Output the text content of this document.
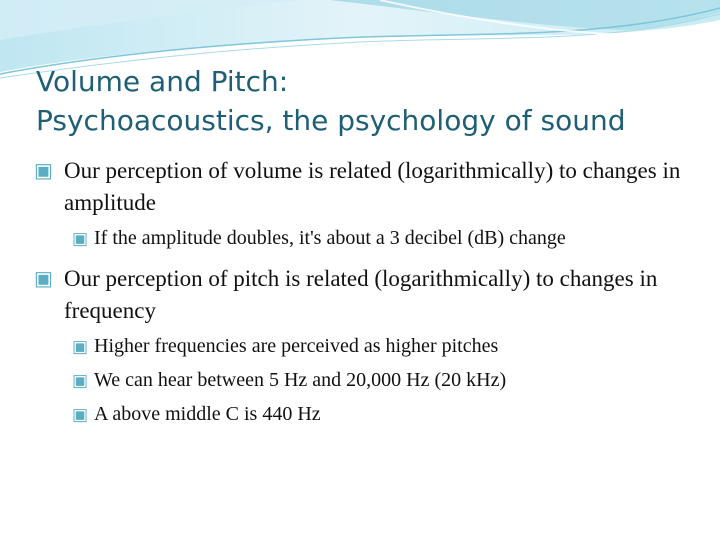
Volume and Pitch:
Psychoacoustics, the psychology of sound
▣ Our perception of volume is related (logarithmically) to changes in amplitude
▣ If the amplitude doubles, it's about a 3 decibel (dB) change
▣ Our perception of pitch is related (logarithmically) to changes in frequency
▣ Higher frequencies are perceived as higher pitches
▣ We can hear between 5 Hz and 20,000 Hz (20 kHz)
▣ A above middle C is 440 Hz
